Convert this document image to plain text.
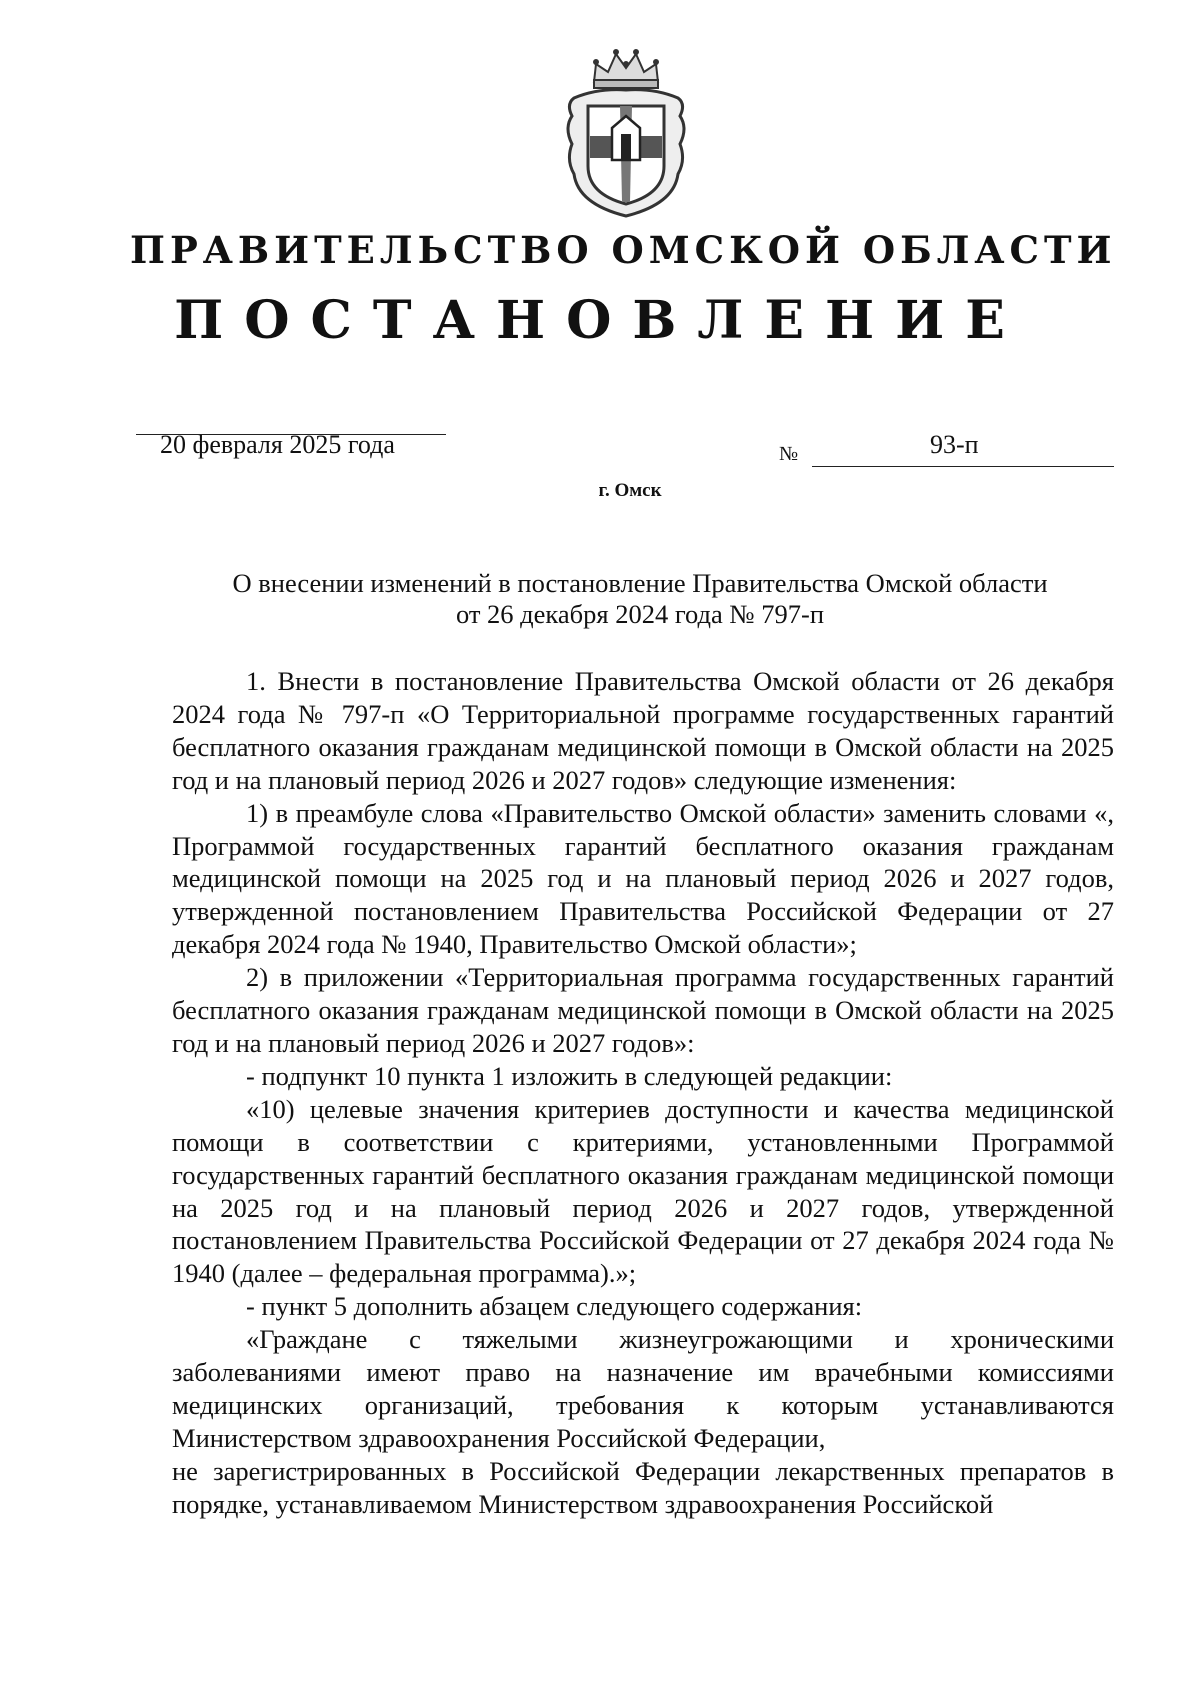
ПРАВИТЕЛЬСТВО ОМСКОЙ ОБЛАСТИ
ПОСТАНОВЛЕНИЕ
20 февраля 2025 года	№	93-п
г. Омск
О внесении изменений в постановление Правительства Омской области
от 26 декабря 2024 года № 797-п

1. Внести в постановление Правительства Омской области от 26 декабря 2024 года № 797-п «О Территориальной программе государственных гарантий бесплатного оказания гражданам медицинской помощи в Омской области на 2025 год и на плановый период 2026 и 2027 годов» следующие изменения:

1) в преамбуле слова «Правительство Омской области» заменить словами «, Программой государственных гарантий бесплатного оказания гражданам медицинской помощи на 2025 год и на плановый период 2026 и 2027 годов, утвержденной постановлением Правительства Российской Федерации от 27 декабря 2024 года № 1940, Правительство Омской области»;

2) в приложении «Территориальная программа государственных гарантий бесплатного оказания гражданам медицинской помощи в Омской области на 2025 год и на плановый период 2026 и 2027 годов»:

- подпункт 10 пункта 1 изложить в следующей редакции:

«10) целевые значения критериев доступности и качества медицинской помощи в соответствии с критериями, установленными Программой государственных гарантий бесплатного оказания гражданам медицинской помощи на 2025 год и на плановый период 2026 и 2027 годов, утвержденной постановлением Правительства Российской Федерации от 27 декабря 2024 года № 1940 (далее – федеральная программа).»;

- пункт 5 дополнить абзацем следующего содержания:

«Граждане с тяжелыми жизнеугрожающими и хроническими заболеваниями имеют право на назначение им врачебными комиссиями медицинских организаций, требования к которым устанавливаются Министерством здравоохранения Российской Федерации,

не зарегистрированных в Российской Федерации лекарственных препаратов в порядке, устанавливаемом Министерством здравоохранения Российской
